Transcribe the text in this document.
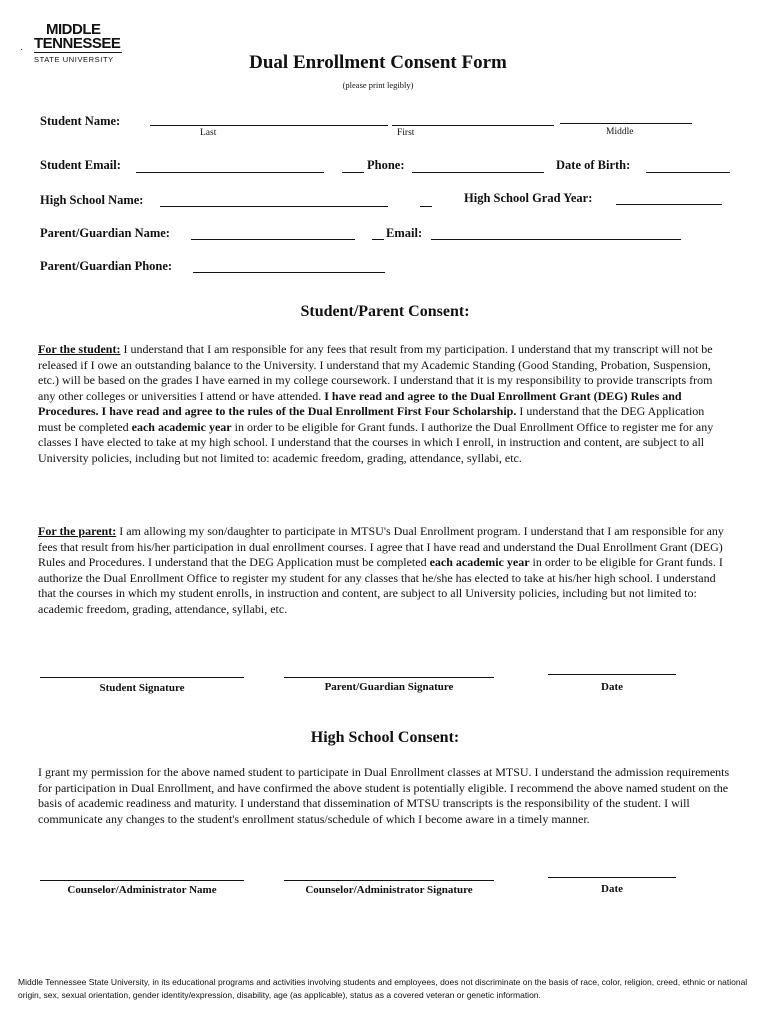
·
MIDDLE
TENNESSEE
STATE UNIVERSITY	Dual Enrollment Consent Form
(please print legibly)
Student Name:
Last	First	Middle
Student Email:	Phone:	Date of Birth:
High School Name:	High School Grad Year:
Parent/Guardian Name:	Email:
Parent/Guardian Phone:
Student/Parent Consent:
For the student: I understand that I am responsible for any fees that result from my participation. I understand that my transcript will not be released if I owe an outstanding balance to the University. I understand that my Academic Standing (Good Standing, Probation, Suspension, etc.) will be based on the grades I have earned in my college coursework. I understand that it is my responsibility to provide transcripts from any other colleges or universities I attend or have attended. I have read and agree to the Dual Enrollment Grant (DEG) Rules and Procedures. I have read and agree to the rules of the Dual Enrollment First Four Scholarship. I understand that the DEG Application must be completed each academic year in order to be eligible for Grant funds. I authorize the Dual Enrollment Office to register me for any classes I have elected to take at my high school. I understand that the courses in which I enroll, in instruction and content, are subject to all University policies, including but not limited to: academic freedom, grading, attendance, syllabi, etc.
For the parent: I am allowing my son/daughter to participate in MTSU's Dual Enrollment program. I understand that I am responsible for any fees that result from his/her participation in dual enrollment courses. I agree that I have read and understand the Dual Enrollment Grant (DEG) Rules and Procedures. I understand that the DEG Application must be completed each academic year in order to be eligible for Grant funds. I authorize the Dual Enrollment Office to register my student for any classes that he/she has elected to take at his/her high school. I understand that the courses in which my student enrolls, in instruction and content, are subject to all University policies, including but not limited to: academic freedom, grading, attendance, syllabi, etc.
Student Signature	Parent/Guardian Signature	Date
High School Consent:
I grant my permission for the above named student to participate in Dual Enrollment classes at MTSU. I understand the admission requirements for participation in Dual Enrollment, and have confirmed the above student is potentially eligible. I recommend the above named student on the basis of academic readiness and maturity. I understand that dissemination of MTSU transcripts is the responsibility of the student. I will communicate any changes to the student's enrollment status/schedule of which I become aware in a timely manner.
Counselor/Administrator Name	Counselor/Administrator Signature	Date
Middle Tennessee State University, in its educational programs and activities involving students and employees, does not discriminate on the basis of race, color, religion, creed, ethnic or national origin, sex, sexual orientation, gender identity/expression, disability, age (as applicable), status as a covered veteran or genetic information.
